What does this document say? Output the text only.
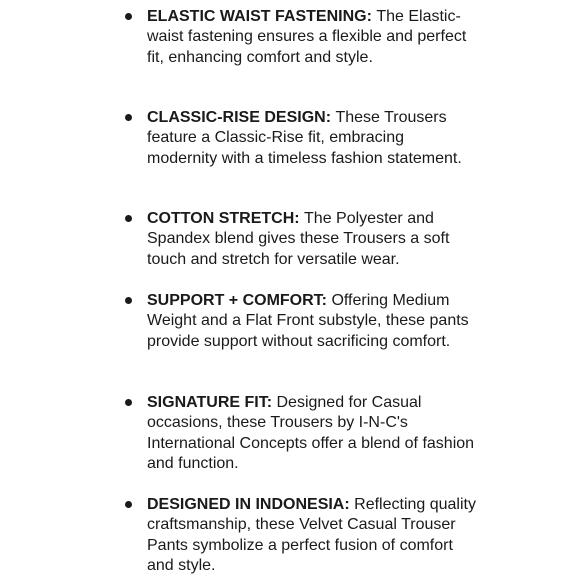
ELASTIC WAIST FASTENING: The Elastic-waist fastening ensures a flexible and perfect fit, enhancing comfort and style.
CLASSIC-RISE DESIGN: These Trousers feature a Classic-Rise fit, embracing modernity with a timeless fashion statement.
COTTON STRETCH: The Polyester and Spandex blend gives these Trousers a soft touch and stretch for versatile wear.
SUPPORT + COMFORT: Offering Medium Weight and a Flat Front substyle, these pants provide support without sacrificing comfort.
SIGNATURE FIT: Designed for Casual occasions, these Trousers by I-N-C's International Concepts offer a blend of fashion and function.
DESIGNED IN INDONESIA: Reflecting quality craftsmanship, these Velvet Casual Trouser Pants symbolize a perfect fusion of comfort and style.
